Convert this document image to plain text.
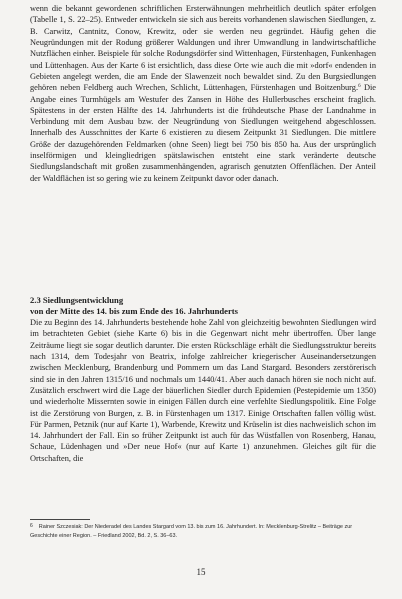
wenn die bekannt gewordenen schriftlichen Ersterwähnungen mehrheitlich deutlich später erfolgen (Tabelle 1, S. 22–25). Entweder entwickeln sie sich aus bereits vorhandenen slawischen Siedlungen, z. B. Carwitz, Cantnitz, Conow, Krewitz, oder sie werden neu gegründet. Häufig gehen die Neugründungen mit der Rodung größerer Waldungen und ihrer Umwandlung in landwirtschaftliche Nutzflächen einher. Beispiele für solche Rodungsdörfer sind Wittenhagen, Fürstenhagen, Funkenhagen und Lüttenhagen. Aus der Karte 6 ist ersichtlich, dass diese Orte wie auch die mit »dorf« endenden in Gebieten angelegt werden, die am Ende der Slawenzeit noch bewaldet sind. Zu den Burgsiedlungen gehören neben Feldberg auch Wrechen, Schlicht, Lüttenhagen, Fürstenhagen und Boitzenburg.$^6$ Die Angabe eines Turmhügels am Westufer des Zansen in Höhe des Hullerbusches erscheint fraglich. Spätestens in der ersten Hälfte des 14. Jahrhunderts ist die frühdeutsche Phase der Landnahme in Verbindung mit dem Ausbau bzw. der Neugründung von Siedlungen weitgehend abgeschlossen. Innerhalb des Ausschnittes der Karte 6 existieren zu diesem Zeitpunkt 31 Siedlungen. Die mittlere Größe der dazugehörenden Feldmarken (ohne Seen) liegt bei 750 bis 850 ha. Aus der ursprünglich inselförmigen und kleingliedrigen spätslawischen entsteht eine stark veränderte deutsche Siedlungslandschaft mit großen zusammenhängenden, agrarisch genutzten Offenflächen. Der Anteil der Waldflächen ist so gering wie zu keinem Zeitpunkt davor oder danach.

2.3 Siedlungsentwicklung
von der Mitte des 14. bis zum Ende des 16. Jahrhunderts

Die zu Beginn des 14. Jahrhunderts bestehende hohe Zahl von gleichzeitig bewohnten Siedlungen wird im betrachteten Gebiet (siehe Karte 6) bis in die Gegenwart nicht mehr übertroffen. Über lange Zeiträume liegt sie sogar deutlich darunter. Die ersten Rückschläge erhält die Siedlungsstruktur bereits nach 1314, dem Todesjahr von Beatrix, infolge zahlreicher kriegerischer Auseinandersetzungen zwischen Mecklenburg, Brandenburg und Pommern um das Land Stargard. Besonders zerstörerisch sind sie in den Jahren 1315/16 und nochmals um 1440/41. Aber auch danach hören sie noch nicht auf. Zusätzlich erschwert wird die Lage der bäuerlichen Siedler durch Epidemien (Pestepidemie um 1350) und wiederholte Missernten sowie in einigen Fällen durch eine verfehlte Siedlungspolitik. Eine Folge ist die Zerstörung von Burgen, z. B. in Fürstenhagen um 1317. Einige Ortschaften fallen völlig wüst. Für Parmen, Petznik (nur auf Karte 1), Warbende, Krewitz und Krüselin ist dies nachweislich schon im 14. Jahrhundert der Fall. Ein so früher Zeitpunkt ist auch für das Wüstfallen von Rosenberg, Hanau, Schaue, Lüdenhagen und »Der neue Hof« (nur auf Karte 1) anzunehmen. Gleiches gilt für die Ortschaften, die

6 Rainer Szczesiak: Der Niederadel des Landes Stargard vom 13. bis zum 16. Jahrhundert. In: Mecklenburg-Strelitz – Beiträge zur Geschichte einer Region. – Friedland 2002, Bd. 2, S. 36–63.

15
